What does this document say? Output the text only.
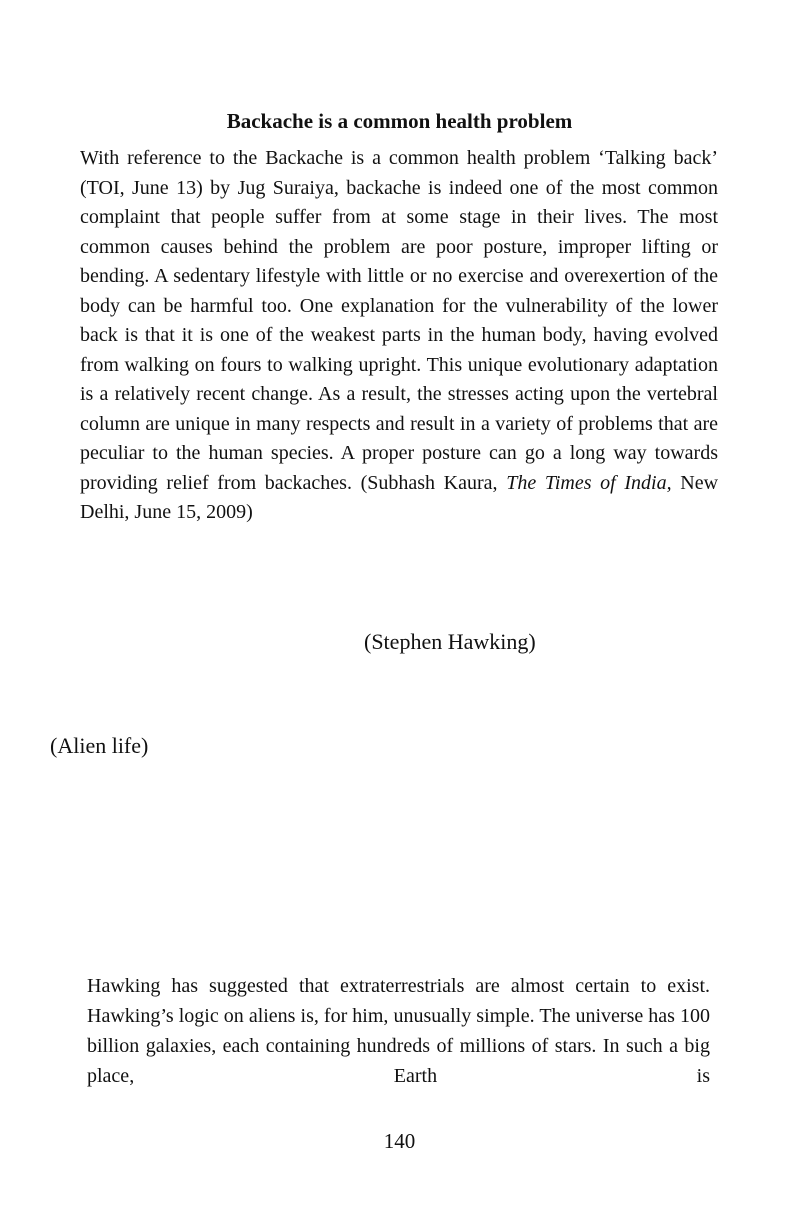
Backache is a common health problem

With reference to the Backache is a common health problem ‘Talking back’ (TOI, June 13) by Jug Suraiya, backache is indeed one of the most common complaint that people suffer from at some stage in their lives. The most common causes behind the problem are poor posture, improper lifting or bending. A sedentary lifestyle with little or no exercise and overexertion of the body can be harmful too. One explanation for the vulnerability of the lower back is that it is one of the weakest parts in the human body, having evolved from walking on fours to walking upright. This unique evolutionary adaptation is a relatively recent change. As a result, the stresses acting upon the vertebral column are unique in many respects and result in a variety of problems that are peculiar to the human species. A proper posture can go a long way towards providing relief from backaches. (Subhash Kaura, The Times of India, New Delhi, June 15, 2009)

(Stephen Hawking)

(Alien life)

Hawking has suggested that extraterrestrials are almost certain to exist. Hawking’s logic on aliens is, for him, unusually simple. The universe has 100 billion galaxies, each containing hundreds of millions of stars. In such a big place, Earth is

140
